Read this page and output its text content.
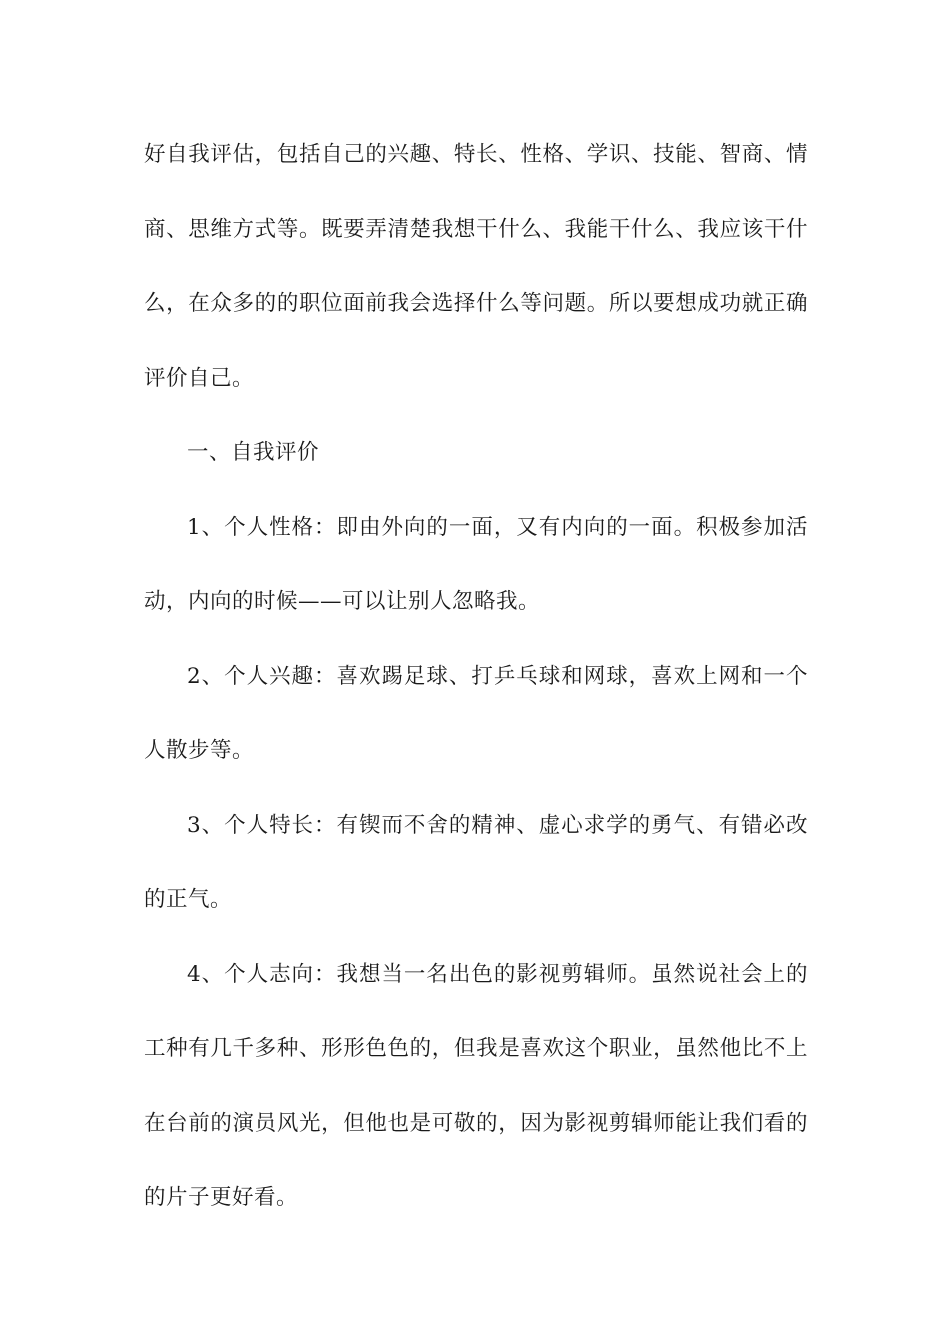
好自我评估，包括自己的兴趣、特长、性格、学识、技能、智商、情商、思维方式等。既要弄清楚我想干什么、我能干什么、我应该干什么，在众多的的职位面前我会选择什么等问题。所以要想成功就正确评价自己。

一、自我评价

1、个人性格：即由外向的一面，又有内向的一面。积极参加活动，内向的时候——可以让别人忽略我。

2、个人兴趣：喜欢踢足球、打乒乓球和网球，喜欢上网和一个人散步等。

3、个人特长：有锲而不舍的精神、虚心求学的勇气、有错必改的正气。

4、个人志向：我想当一名出色的影视剪辑师。虽然说社会上的工种有几千多种、形形色色的，但我是喜欢这个职业，虽然他比不上在台前的演员风光，但他也是可敬的，因为影视剪辑师能让我们看的的片子更好看。
